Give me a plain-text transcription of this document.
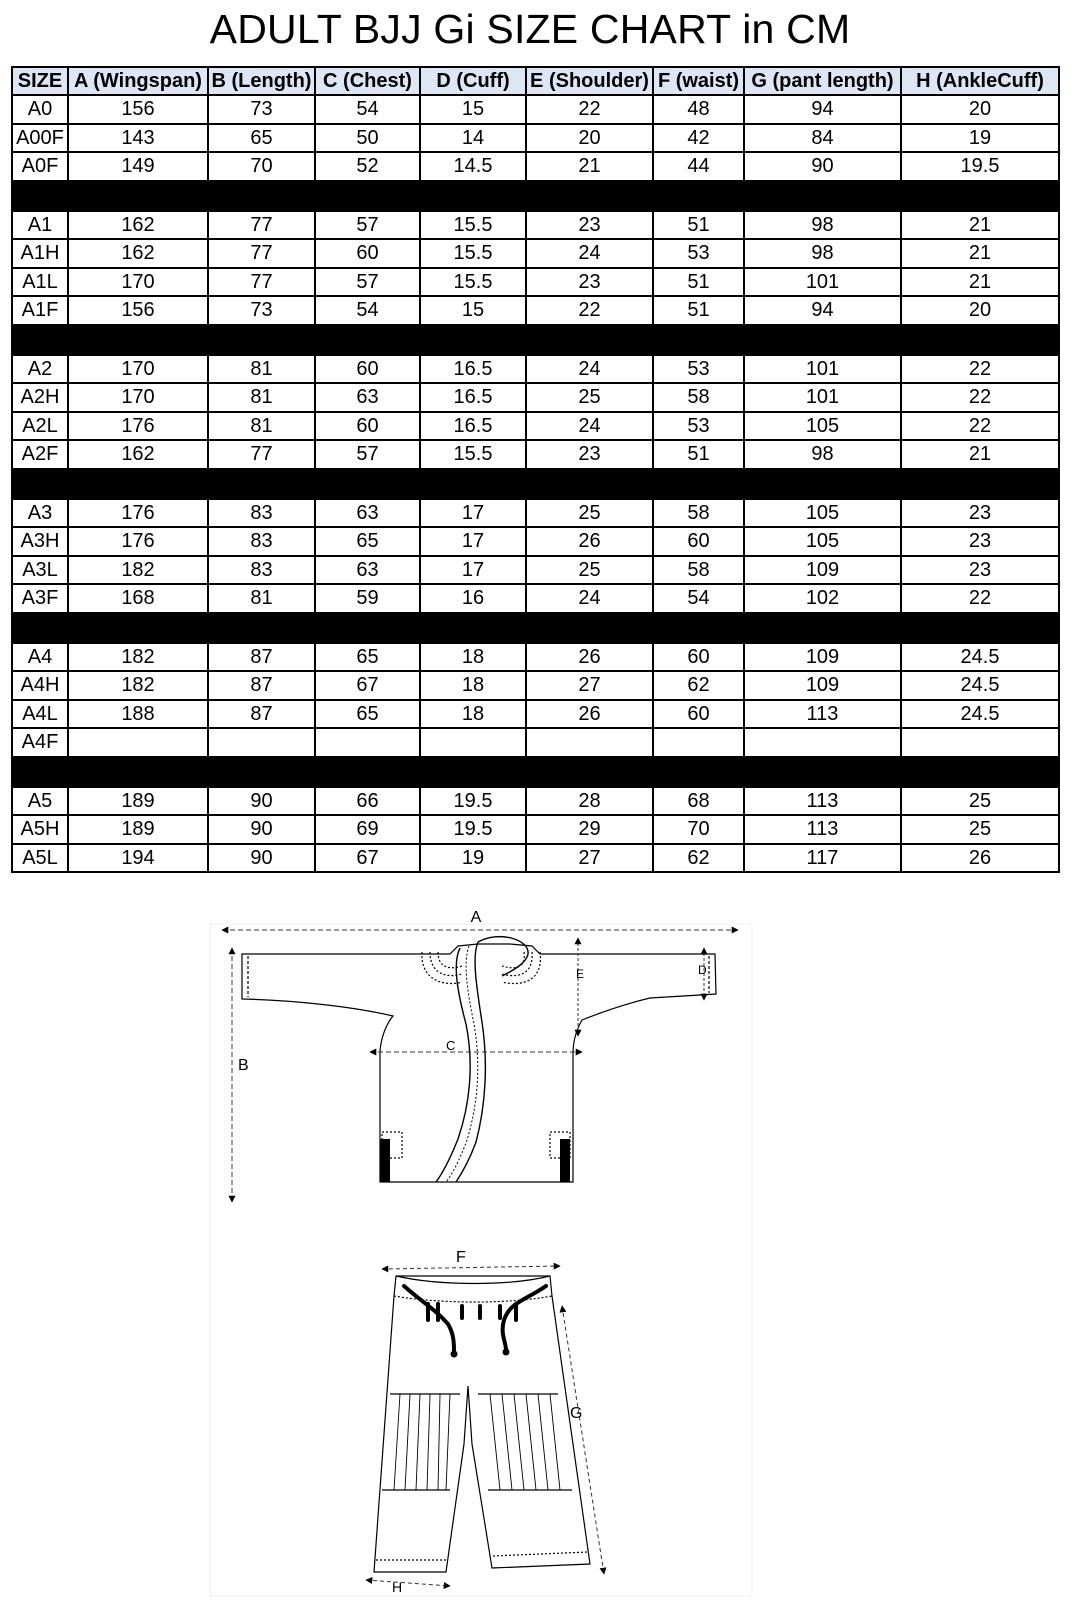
ADULT BJJ Gi SIZE CHART in CM
SIZE	A (Wingspan)	B (Length)	C (Chest)	D (Cuff)	E (Shoulder)	F (waist)	G (pant length)	H (AnkleCuff)
A0	156	73	54	15	22	48	94	20
A00F	143	65	50	14	20	42	84	19
A0F	149	70	52	14.5	21	44	90	19.5

A1	162	77	57	15.5	23	51	98	21
A1H	162	77	60	15.5	24	53	98	21
A1L	170	77	57	15.5	23	51	101	21
A1F	156	73	54	15	22	51	94	20

A2	170	81	60	16.5	24	53	101	22
A2H	170	81	63	16.5	25	58	101	22
A2L	176	81	60	16.5	24	53	105	22
A2F	162	77	57	15.5	23	51	98	21

A3	176	83	63	17	25	58	105	23
A3H	176	83	65	17	26	60	105	23
A3L	182	83	63	17	25	58	109	23
A3F	168	81	59	16	24	54	102	22

A4	182	87	65	18	26	60	109	24.5
A4H	182	87	67	18	27	62	109	24.5
A4L	188	87	65	18	26	60	113	24.5
A4F								

A5	189	90	66	19.5	28	68	113	25
A5H	189	90	69	19.5	29	70	113	25
A5L	194	90	67	19	27	62	117	26
A
B
C
D
E
F
G
H
